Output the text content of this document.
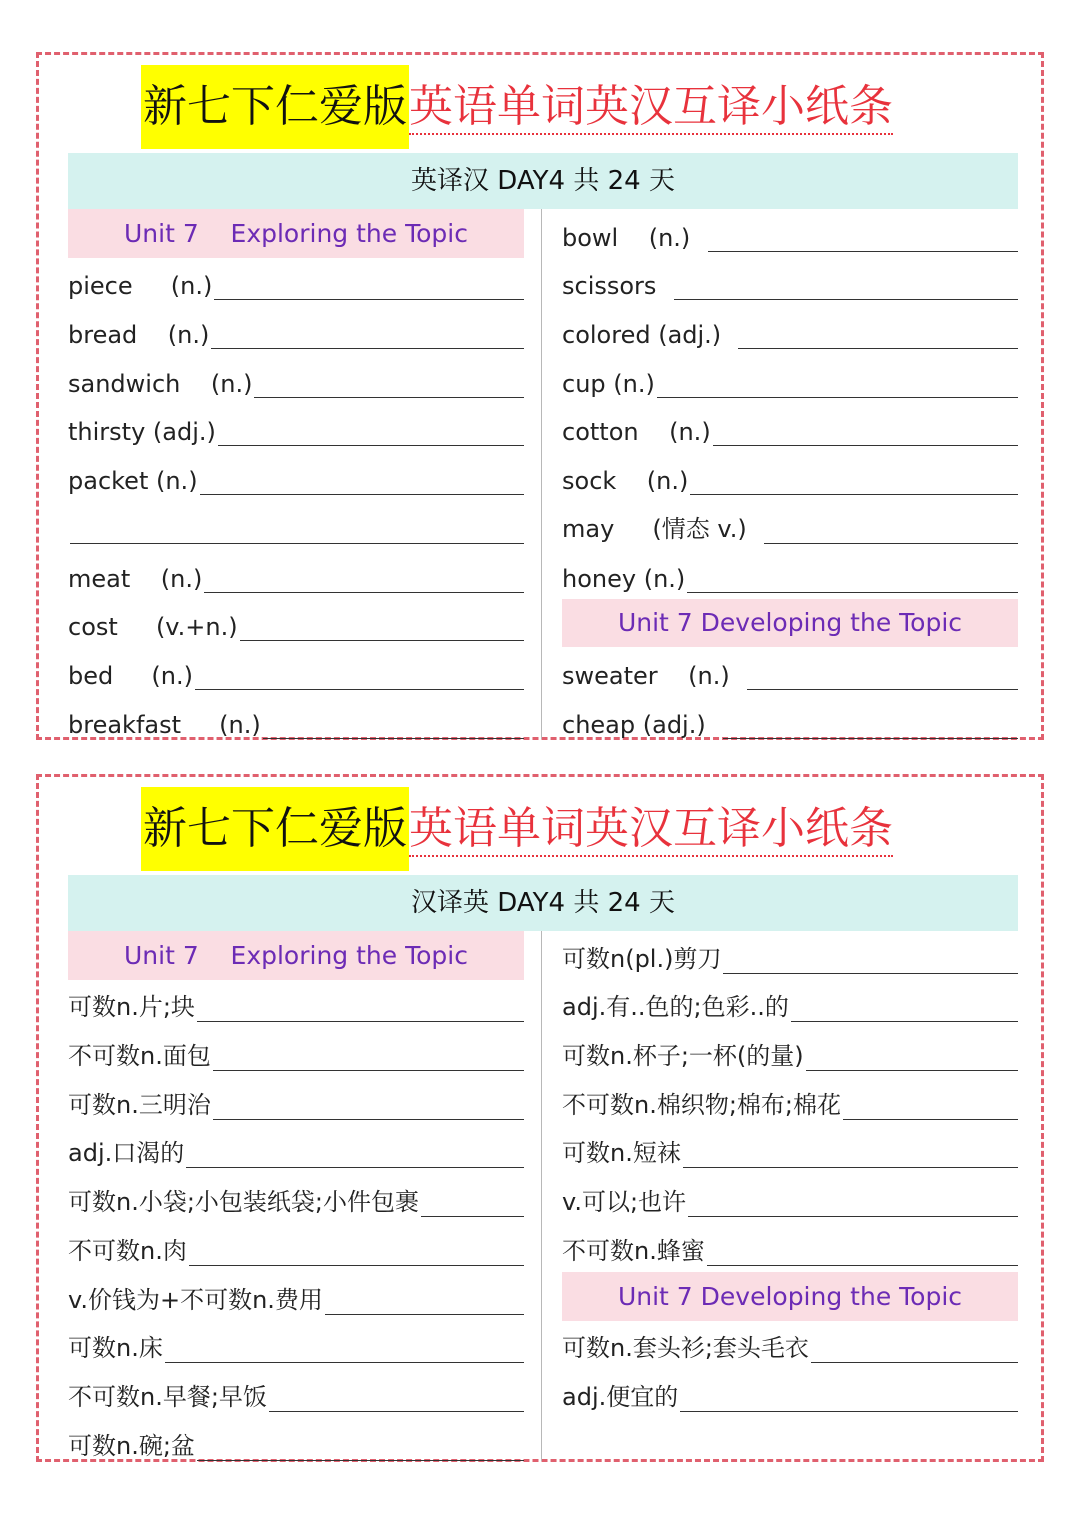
新七下仁爱版 英语单词英汉互译小纸条
英译汉 DAY4 共 24 天
Unit 7    Exploring the Topic
piece     (n.)
bread    (n.)
sandwich    (n.)
thirsty (adj.)
packet (n.)
meat    (n.)
cost     (v.+n.)
bed     (n.)
breakfast     (n.)
bowl    (n.)
scissors
colored (adj.)
cup (n.)
cotton    (n.)
sock    (n.)
may     (情态 v.)
honey (n.)
Unit 7 Developing the Topic
sweater    (n.)
cheap (adj.)
新七下仁爱版 英语单词英汉互译小纸条
汉译英 DAY4 共 24 天
Unit 7    Exploring the Topic
可数n.片;块
不可数n.面包
可数n.三明治
adj.口渴的
可数n.小袋;小包装纸袋;小件包裹
不可数n.肉
v.价钱为+不可数n.费用
可数n.床
不可数n.早餐;早饭
可数n.碗;盆
可数n(pl.)剪刀
adj.有..色的;色彩..的
可数n.杯子;一杯(的量)
不可数n.棉织物;棉布;棉花
可数n.短袜
v.可以;也许
不可数n.蜂蜜
Unit 7 Developing the Topic
可数n.套头衫;套头毛衣
adj.便宜的
